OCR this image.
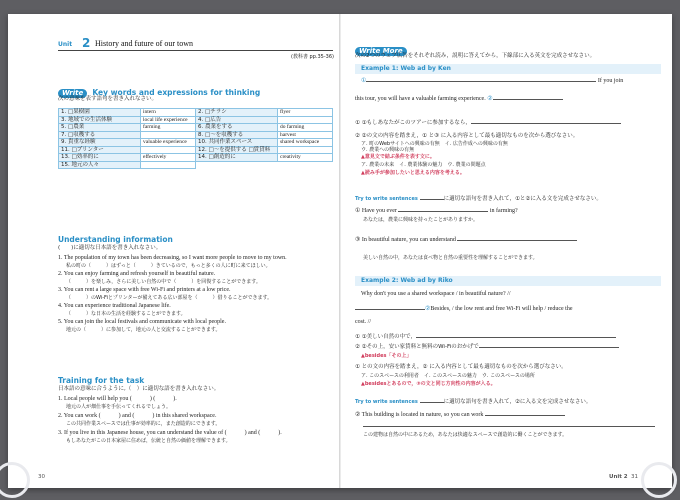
Unit 2 History and future of our town
(教科書 pp.35-36)
Write Key words and expressions for thinking
次の意味を表す語句を書き入れなさい。
1. □果樹園	intern	2. □チラシ	flyer
3. 地域での生活体験	local life experience	4. □広告	
5. □農業	farming	6. 農業をする	do farming
7. □収穫する		8. □～を収穫する	harvest
9. 貴重な経験	valuable experience	10. 共同作業スペース	shared workspace
11. □プリンター		12. □～を提供する □賃貸料	
13. □効率的に	effectively	14. □創造的に	creativity
15. 地元の人々			
Understanding information
(　　)に適切な日本語を書き入れなさい。
1. The population of my town has been decreasing, so I want more people to move to my town.
私の町の（　　　）はずっと（　　　）きているので，もっと多くの人に町に来てほしい。
2. You can enjoy farming and refresh yourself in beautiful nature.
（　　　）を楽しみ，さらに美しい自然の中で（　　　）を回復することができます。
3. You can rent a large space with free Wi-Fi and printers at a low price.
（　　　）のWi-Fiとプリンターが備えてある広い部屋を（　　　）借りることができます。
4. You can experience traditional Japanese life.
（　　　）な日本の生活を経験することができます。
5. You can join the local festivals and communicate with local people.
地元の（　　　）に参加して，地元の人と交流することができます。
Training for the task
日本語の意味に合うように,（　）に適切な語を書き入れなさい。
1. Local people will help you (　　　) (　　　).
地元の人が畑仕事を手伝ってくれるでしょう。
2. You can work (　　　) and (　　　) in this shared workspace.
この共同作業スペースでは仕事が効率的に，また創造的にできます。
3. If you live in this Japanese house, you can understand the value of (　　　) and (　　　).
もしあなたがこの日本家屋に住めば，伝統と自然の価値を理解できます。
30
Write More
次の2つのウェブ広告をそれぞれ読み，説明に答えてから，下線部に入る英文を完成させなさい。
Example 1: Web ad by Ken
①	If you join
this tour, you will have a valuable farming experience. ②
① ①もしあなたがこのツアーに参加するなら，
② ②の文の内容を踏まえ，① と③ に入る内容として最も適切なものを次から選びなさい。
ア. 町のWebサイトへの興味の有無　 イ. 広告作成への興味の有無
ウ. 農業への興味の有無
▲意見文で結ぶ条件を表す文に。
ア. 農業の未来　 イ. 農業体験の魅力　 ウ. 農業の問題点
▲読み手が参加したいと思える内容を考える。
Try to write sentences	に適切な語句を書き入れて，①と②に入る文を完成させなさい。
① Have you ever	in farming?
あなたは，農業に興味を持ったことがありますか。
③ In beautiful nature, you can understand
美しい自然の中，あなたは食べ物と自然の重要性を理解することができます。
Example 2: Web ad by Riko
Why don't you use a shared workspace / in beautiful nature? //
②Besides, / the low rent and free Wi-Fi will help / reduce the
cost. //
① ①美しい自然の中で，
② ②その上，安い家賃料と無料のWi-Fiのおかげで
▲besides「その上」
① との文の内容を踏まえ，② に入る内容として最も適切なものを次から選びなさい。
ア. このスペースの利用者　 イ. このスペースの魅力　 ウ. このスペースの場所
▲besidesとあるので，③の文と同じ方向性の内容が入る。
Try to write sentences	に適切な語句を書き入れて，②に入る文を完成させなさい。
② This building is located in nature, so you can work
この建物は自然の中にあるため，あなたは快適なスペースで創造的に働くことができます。
Unit 2 31
